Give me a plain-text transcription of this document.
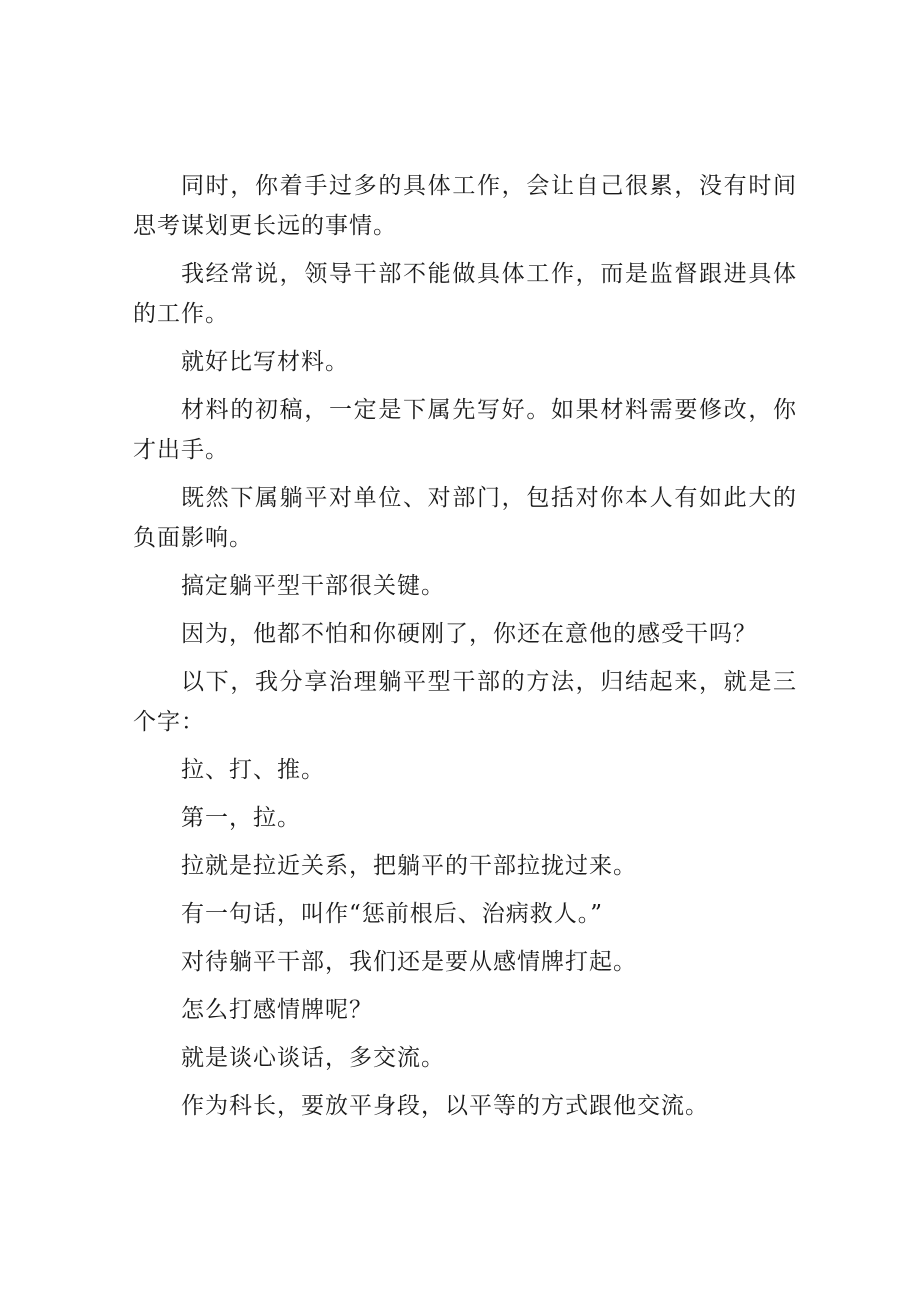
同时，你着手过多的具体工作，会让自己很累，没有时间思考谋划更长远的事情。

我经常说，领导干部不能做具体工作，而是监督跟进具体的工作。

就好比写材料。

材料的初稿，一定是下属先写好。如果材料需要修改，你才出手。

既然下属躺平对单位、对部门，包括对你本人有如此大的负面影响。

搞定躺平型干部很关键。

因为，他都不怕和你硬刚了，你还在意他的感受干吗？

以下，我分享治理躺平型干部的方法，归结起来，就是三个字：

拉、打、推。

第一，拉。

拉就是拉近关系，把躺平的干部拉拢过来。

有一句话，叫作“惩前根后、治病救人。”

对待躺平干部，我们还是要从感情牌打起。

怎么打感情牌呢？

就是谈心谈话，多交流。

作为科长，要放平身段，以平等的方式跟他交流。
